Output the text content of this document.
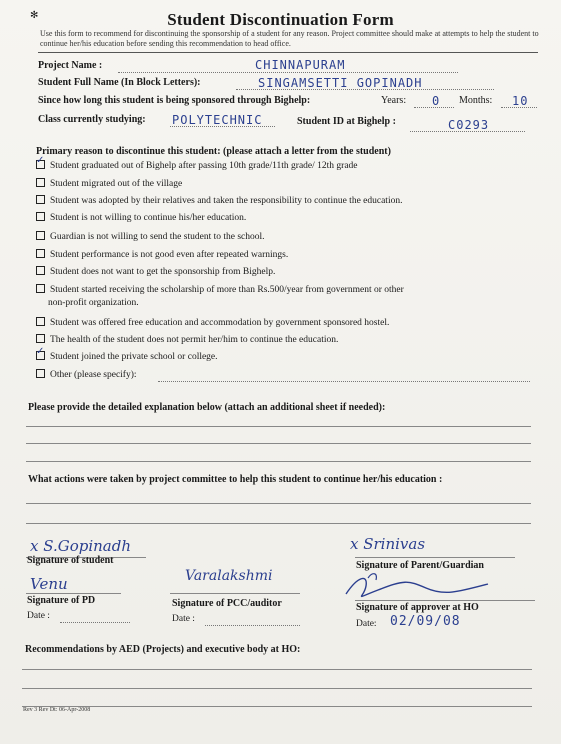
✻	Student Discontinuation Form
Use this form to recommend for discontinuing the sponsorship of a student for any reason. Project committee should make at attempts to help the student to continue her/his education before sending this recommendation to head office.
Project Name :	CHINNAPURAM
Student Full Name (In Block Letters):	SINGAMSETTI GOPINADH
Since how long this student is being sponsored through Bighelp:	Years: 0 Months: 10
Class currently studying: POLYTECHNIC	Student ID at Bighelp :	C0293
Primary reason to discontinue this student: (please attach a letter from the student)
✓Student graduated out of Bighelp after passing 10th grade/11th grade/ 12th grade
Student migrated out of the village
Student was adopted by their relatives and taken the responsibility to continue the education.
Student is not willing to continue his/her education.
Guardian is not willing to send the student to the school.
Student performance is not good even after repeated warnings.
Student does not want to get the sponsorship from Bighelp.
Student started receiving the scholarship of more than Rs.500/year from government or other
non-profit organization.
Student was offered free education and accommodation by government sponsored hostel.
The health of the student does not permit her/him to continue the education.
✓Student joined the private school or college.
Other (please specify):
Please provide the detailed explanation below (attach an additional sheet if needed):
What actions were taken by project committee to help this student to continue her/his education :
x S.Gopinadh
Signature of student
x Srinivas
Signature of Parent/Guardian
Venu
Signature of PD
Date :
Varalakshmi
Signature of PCC/auditor
Date :
Signature of approver at HO
Date: 02/09/08
Recommendations by AED (Projects) and executive body at HO:
Rev 3 Rev Dt: 06-Apr-2008
